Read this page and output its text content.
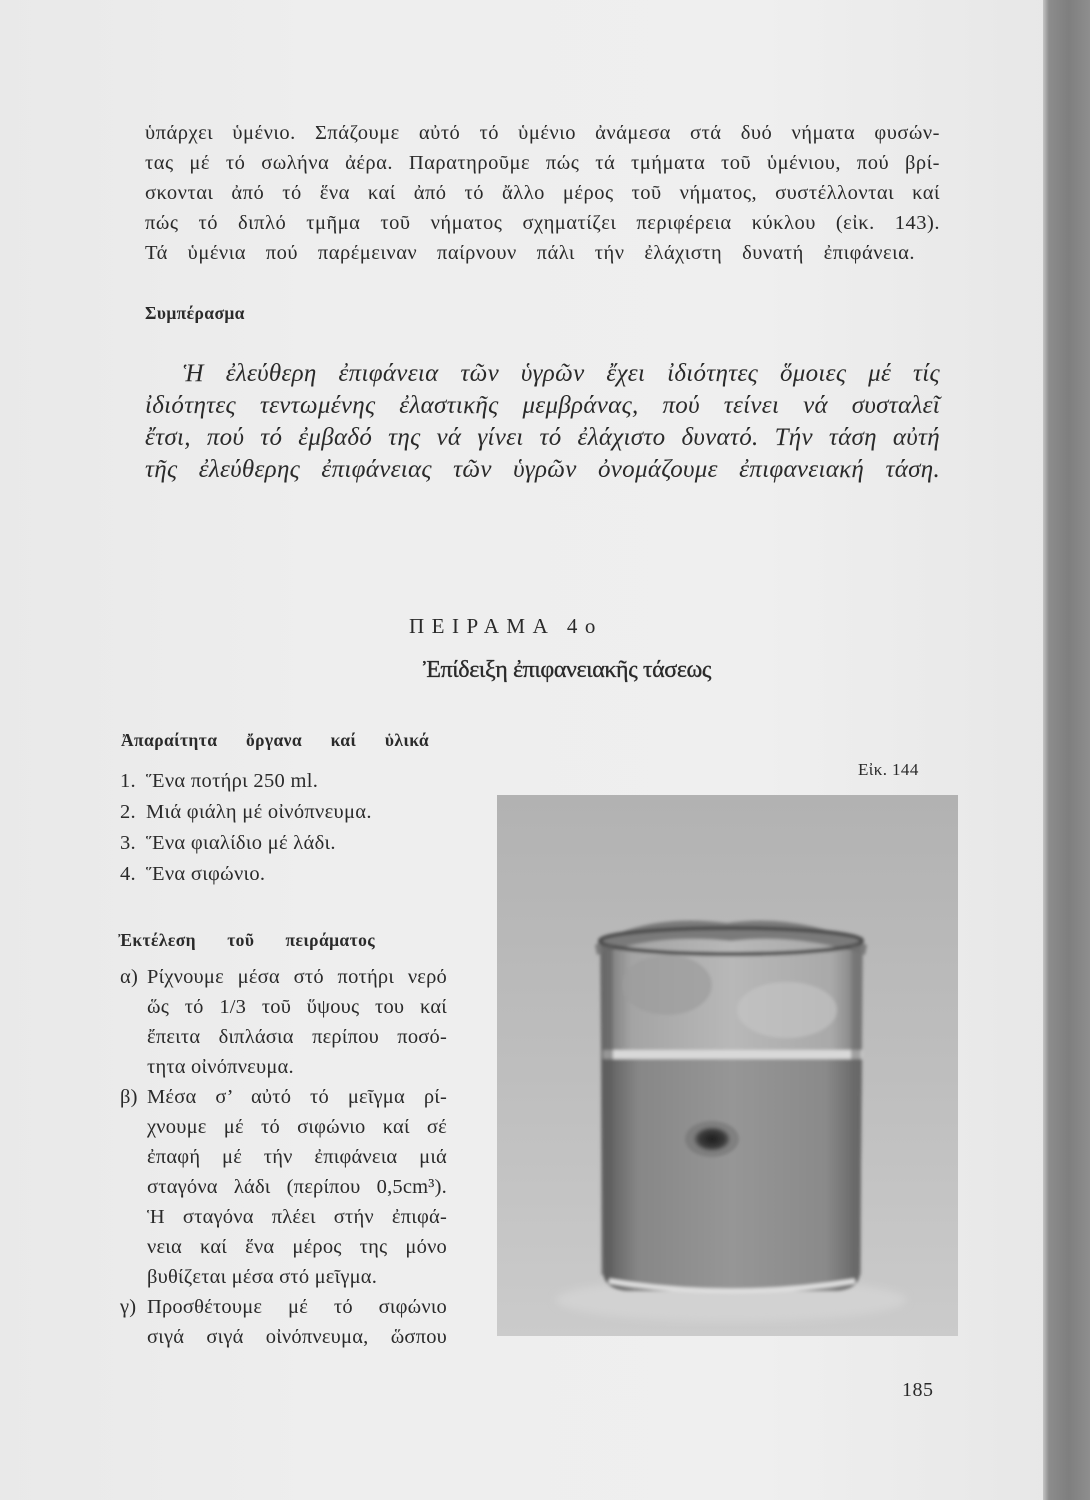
ὑπάρχει ὑμένιο. Σπάζουμε αὐτό τό ὑμένιο ἀνάμεσα στά δυό νήματα φυσών-
τας μέ τό σωλήνα ἀέρα. Παρατηροῦμε πώς τά τμήματα τοῦ ὑμένιου, πού βρί-
σκονται ἀπό τό ἕνα καί ἀπό τό ἄλλο μέρος τοῦ νήματος, συστέλλονται καί
πώς τό διπλό τμῆμα τοῦ νήματος σχηματίζει περιφέρεια κύκλου (εἰκ. 143).
Τά ὑμένια πού παρέμειναν παίρνουν πάλι τήν ἐλάχιστη δυνατή ἐπιφάνεια.
Συμπέρασμα
Ἡ ἐλεύθερη ἐπιφάνεια τῶν ὑγρῶν ἔχει ἰδιότητες ὅμοιες μέ τίς
ἰδιότητες τεντωμένης ἐλαστικῆς μεμβράνας, πού τείνει νά συσταλεῖ
ἔτσι, πού τό ἐμβαδό της νά γίνει τό ἐλάχιστο δυνατό. Τήν τάση αὐτή
τῆς ἐλεύθερης ἐπιφάνειας τῶν ὑγρῶν ὀνομάζουμε ἐπιφανειακή τάση.
ΠΕΙΡΑΜΑ 4ο
Ἐπίδειξη ἐπιφανειακῆς τάσεως
Ἀπαραίτητα ὄργανα καί ὑλικά
1. Ἕνα ποτήρι 250 ml.
2. Μιά φιάλη μέ οἰνόπνευμα.
3. Ἕνα φιαλίδιο μέ λάδι.
4. Ἕνα σιφώνιο.
Εἰκ. 144
Ἐκτέλεση τοῦ πειράματος
α) Ρίχνουμε μέσα στό ποτήρι νερό
ὥς τό 1/3 τοῦ ὕψους του καί
ἔπειτα διπλάσια περίπου ποσό-
τητα οἰνόπνευμα.
β) Μέσα σ’ αὐτό τό μεῖγμα ρί-
χνουμε μέ τό σιφώνιο καί σέ
ἐπαφή μέ τήν ἐπιφάνεια μιά
σταγόνα λάδι (περίπου 0,5cm³).
Ἡ σταγόνα πλέει στήν ἐπιφά-
νεια καί ἕνα μέρος της μόνο
βυθίζεται μέσα στό μεῖγμα.
γ) Προσθέτουμε μέ τό σιφώνιο
σιγά σιγά οἰνόπνευμα, ὥσπου
185
